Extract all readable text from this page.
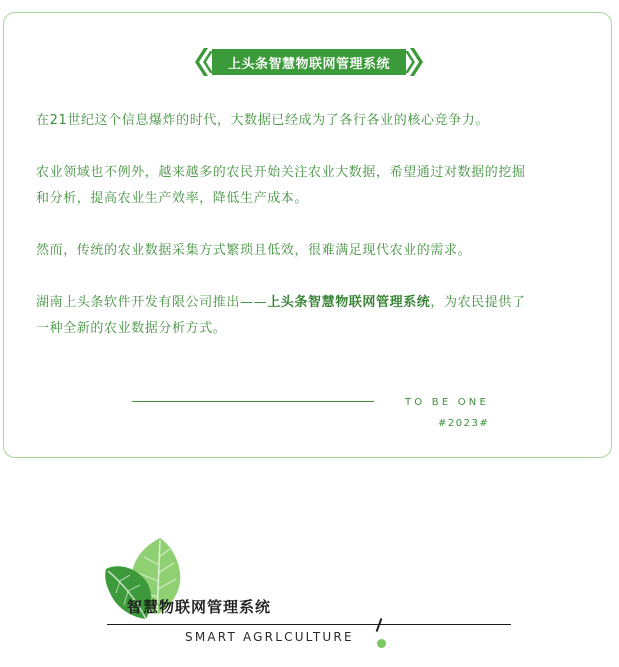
上头条智慧物联网管理系统

在21世纪这个信息爆炸的时代，大数据已经成为了各行各业的核心竞争力。

农业领域也不例外，越来越多的农民开始关注农业大数据，希望通过对数据的挖掘
和分析，提高农业生产效率，降低生产成本。

然而，传统的农业数据采集方式繁琐且低效，很难满足现代农业的需求。

湖南上头条软件开发有限公司推出——上头条智慧物联网管理系统，为农民提供了
一种全新的农业数据分析方式。

TO BE ONE
#2023#
智慧物联网管理系统
SMART AGRLCULTURE
